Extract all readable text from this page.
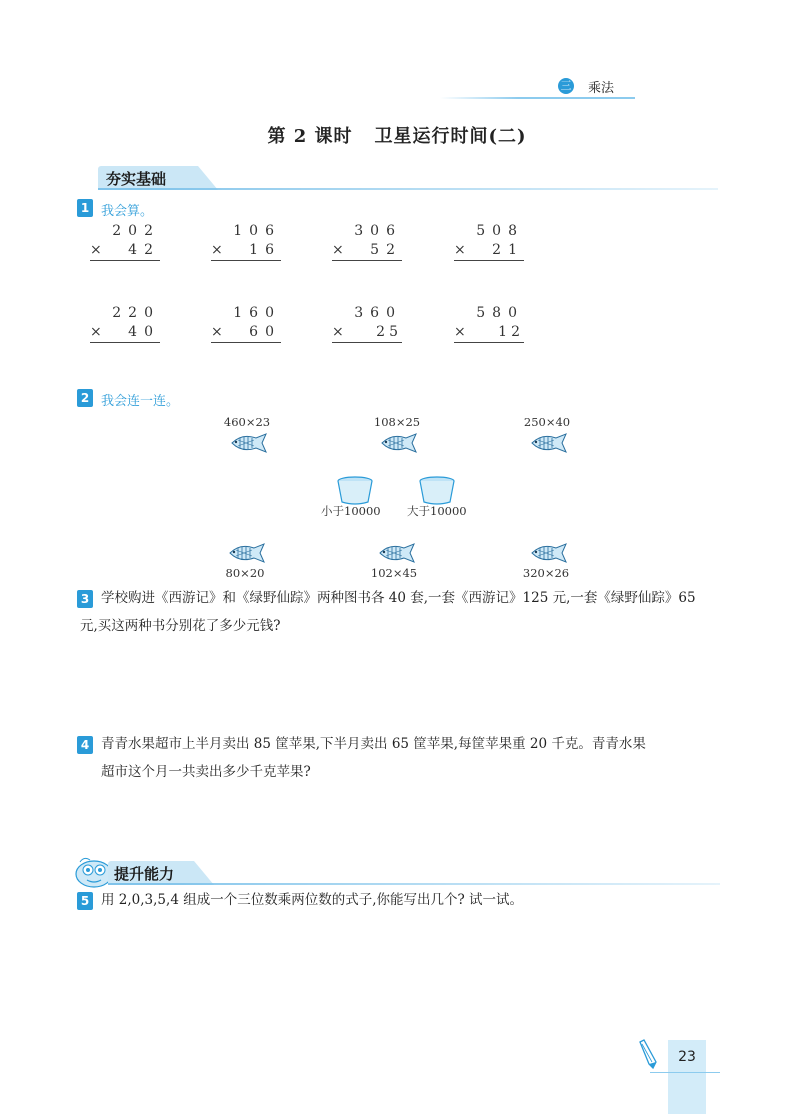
三 乘法
第 2 课时 卫星运行时间(二)
夯实基础
1 我会算。
202
× 42
106
× 16
306
× 52
508
× 21
220
× 40
160
× 60
360
× 25
580
× 12
2 我会连一连。
460×23	108×25	250×40
小于10000 大于10000
80×20	102×45	320×26
3 学校购进《西游记》和《绿野仙踪》两种图书各 40 套,一套《西游记》125 元,一套《绿野仙踪》65
元,买这两种书分别花了多少元钱?
4 青青水果超市上半月卖出 85 筐苹果,下半月卖出 65 筐苹果,每筐苹果重 20 千克。青青水果
超市这个月一共卖出多少千克苹果?
提升能力
5 用 2,0,3,5,4 组成一个三位数乘两位数的式子,你能写出几个? 试一试。
23
